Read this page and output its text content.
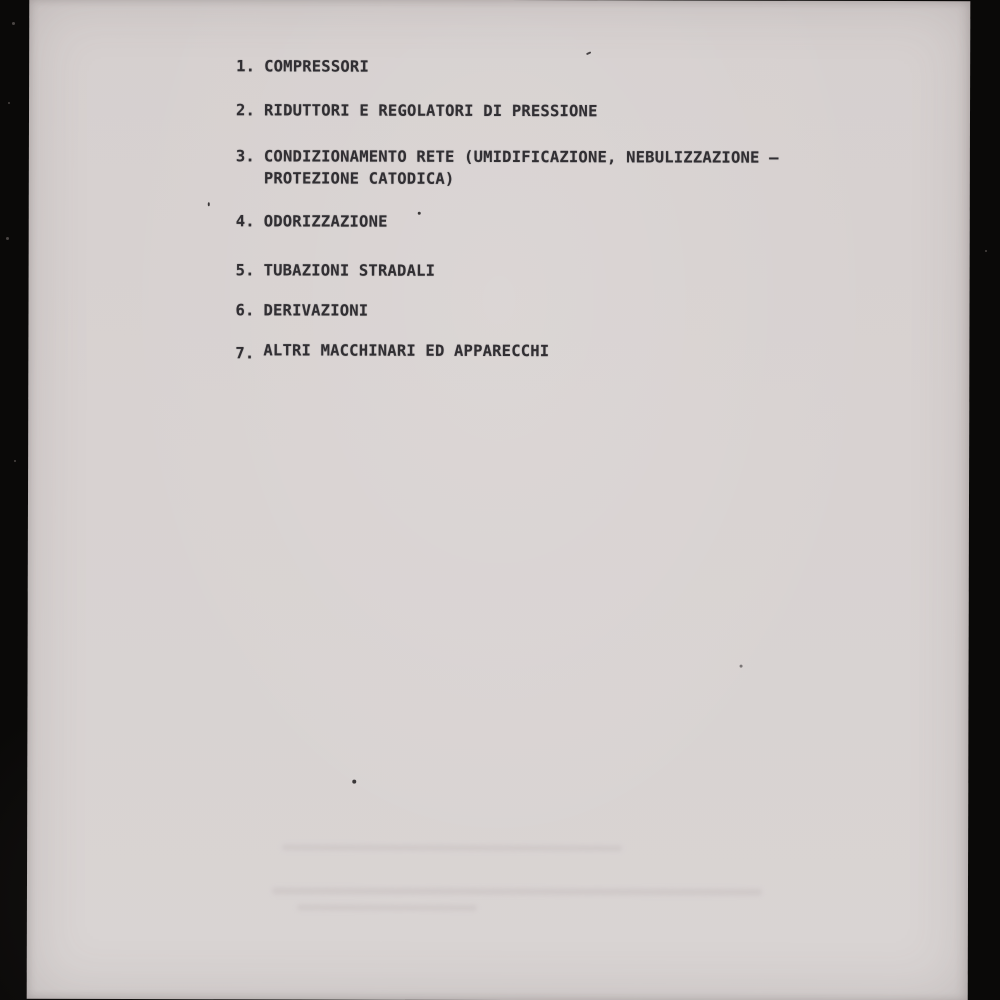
1. COMPRESSORI
2. RIDUTTORI E REGOLATORI DI PRESSIONE
3. CONDIZIONAMENTO RETE (UMIDIFICAZIONE, NEBULIZZAZIONE –
PROTEZIONE CATODICA)
4. ODORIZZAZIONE
5. TUBAZIONI STRADALI
6. DERIVAZIONI
7. ALTRI MACCHINARI ED APPARECCHI
